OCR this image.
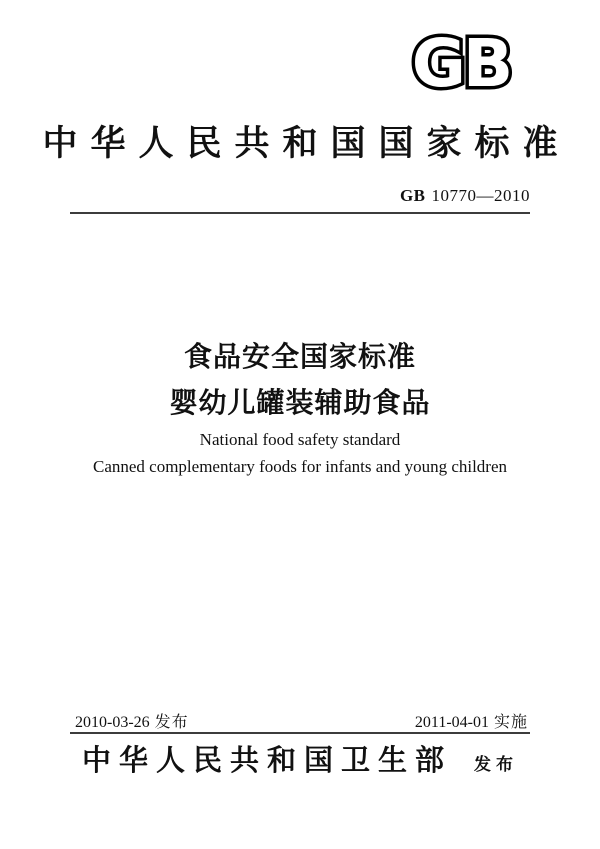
GB
中华人民共和国国家标准
GB 10770—2010
食品安全国家标准
婴幼儿罐装辅助食品
National food safety standard
Canned complementary foods for infants and young children
2010-03-26 发布	2011-04-01 实施
中华人民共和国卫生部 发布
